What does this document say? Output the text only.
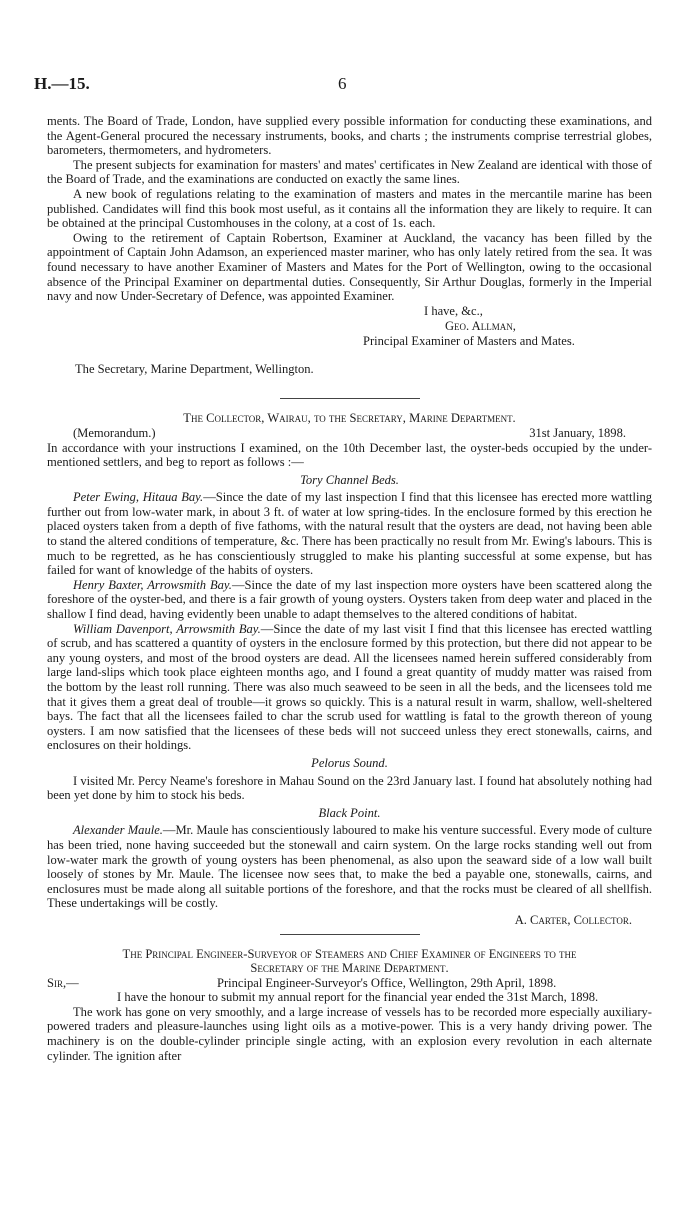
H.—15.	6

ments. The Board of Trade, London, have supplied every possible information for conducting these examinations, and the Agent-General procured the necessary instruments, books, and charts ; the instruments comprise terrestrial globes, barometers, thermometers, and hydrometers.

The present subjects for examination for masters' and mates' certificates in New Zealand are identical with those of the Board of Trade, and the examinations are conducted on exactly the same lines.

A new book of regulations relating to the examination of masters and mates in the mercantile marine has been published. Candidates will find this book most useful, as it contains all the information they are likely to require. It can be obtained at the principal Customhouses in the colony, at a cost of 1s. each.

Owing to the retirement of Captain Robertson, Examiner at Auckland, the vacancy has been filled by the appointment of Captain John Adamson, an experienced master mariner, who has only lately retired from the sea. It was found necessary to have another Examiner of Masters and Mates for the Port of Wellington, owing to the occasional absence of the Principal Examiner on departmental duties. Consequently, Sir Arthur Douglas, formerly in the Imperial navy and now Under-Secretary of Defence, was appointed Examiner.

I have, &c.,
Geo. Allman,
Principal Examiner of Masters and Mates.
The Secretary, Marine Department, Wellington.

The Collector, Wairau, to the Secretary, Marine Department.

(Memorandum.)	31st January, 1898.

In accordance with your instructions I examined, on the 10th December last, the oyster-beds occupied by the under-mentioned settlers, and beg to report as follows :—

Tory Channel Beds.

Peter Ewing, Hitaua Bay.—Since the date of my last inspection I find that this licensee has erected more wattling further out from low-water mark, in about 3 ft. of water at low spring-tides. In the enclosure formed by this erection he placed oysters taken from a depth of five fathoms, with the natural result that the oysters are dead, not having been able to stand the altered conditions of temperature, &c. There has been practically no result from Mr. Ewing's labours. This is much to be regretted, as he has conscientiously struggled to make his planting successful at some expense, but has failed for want of knowledge of the habits of oysters.

Henry Baxter, Arrowsmith Bay.—Since the date of my last inspection more oysters have been scattered along the foreshore of the oyster-bed, and there is a fair growth of young oysters. Oysters taken from deep water and placed in the shallow I find dead, having evidently been unable to adapt themselves to the altered conditions of habitat.

William Davenport, Arrowsmith Bay.—Since the date of my last visit I find that this licensee has erected wattling of scrub, and has scattered a quantity of oysters in the enclosure formed by this protection, but there did not appear to be any young oysters, and most of the brood oysters are dead. All the licensees named herein suffered considerably from large land-slips which took place eighteen months ago, and I found a great quantity of muddy matter was raised from the bottom by the least roll running. There was also much seaweed to be seen in all the beds, and the licensees told me that it gives them a great deal of trouble—it grows so quickly. This is a natural result in warm, shallow, well-sheltered bays. The fact that all the licensees failed to char the scrub used for wattling is fatal to the growth thereon of young oysters. I am now satisfied that the licensees of these beds will not succeed unless they erect stonewalls, cairns, and enclosures on their holdings.

Pelorus Sound.

I visited Mr. Percy Neame's foreshore in Mahau Sound on the 23rd January last. I found hat absolutely nothing had been yet done by him to stock his beds.

Black Point.

Alexander Maule.—Mr. Maule has conscientiously laboured to make his venture successful. Every mode of culture has been tried, none having succeeded but the stonewall and cairn system. On the large rocks standing well out from low-water mark the growth of young oysters has been phenomenal, as also upon the seaward side of a low wall built loosely of stones by Mr. Maule. The licensee now sees that, to make the bed a payable one, stonewalls, cairns, and enclosures must be made along all suitable portions of the foreshore, and that the rocks must be cleared of all shellfish. These undertakings will be costly.

A. Carter, Collector.

The Principal Engineer-Surveyor of Steamers and Chief Examiner of Engineers to the

Secretary of the Marine Department.

Sir,—	Principal Engineer-Surveyor's Office, Wellington, 29th April, 1898.

I have the honour to submit my annual report for the financial year ended the 31st March, 1898.

The work has gone on very smoothly, and a large increase of vessels has to be recorded more especially auxiliary-powered traders and pleasure-launches using light oils as a motive-power. This is a very handy driving power. The machinery is on the double-cylinder principle single acting, with an explosion every revolution in each alternate cylinder. The ignition after
